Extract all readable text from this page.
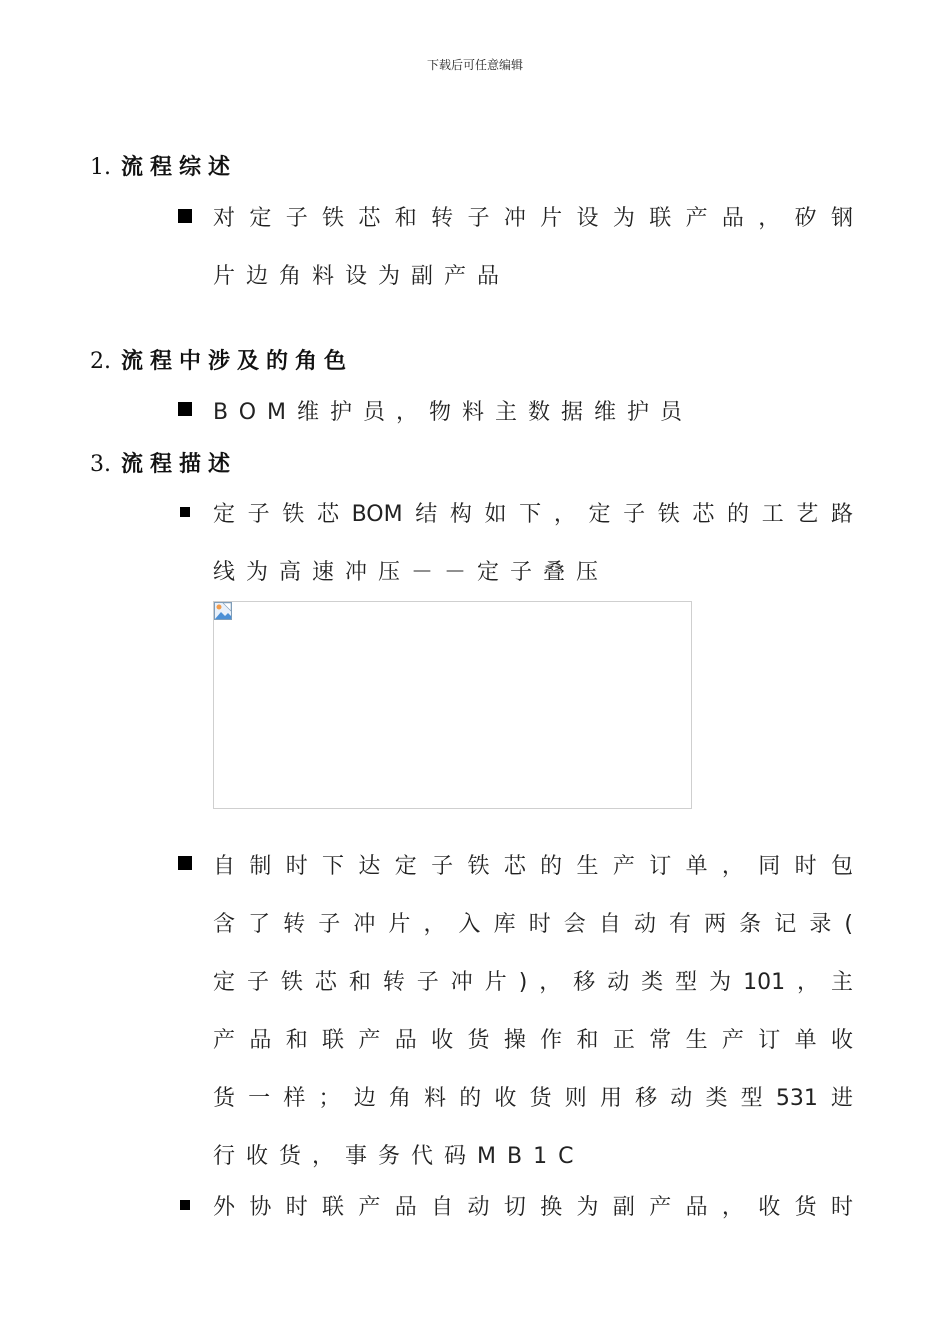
下载后可任意编辑
1. 流程综述
对定子铁芯和转子冲片设为联产品，矽钢
片边角料设为副产品
2. 流程中涉及的角色
BOM维护员，物料主数据维护员
3. 流程描述
定子铁芯BOM结构如下，定子铁芯的工艺路
线为高速冲压－－定子叠压
自制时下达定子铁芯的生产订单，同时包
含了转子冲片，入库时会自动有两条记录(
定子铁芯和转子冲片)，移动类型为101，主
产品和联产品收货操作和正常生产订单收
货一样；边角料的收货则用移动类型531进
行收货，事务代码MB1C
外协时联产品自动切换为副产品，收货时
